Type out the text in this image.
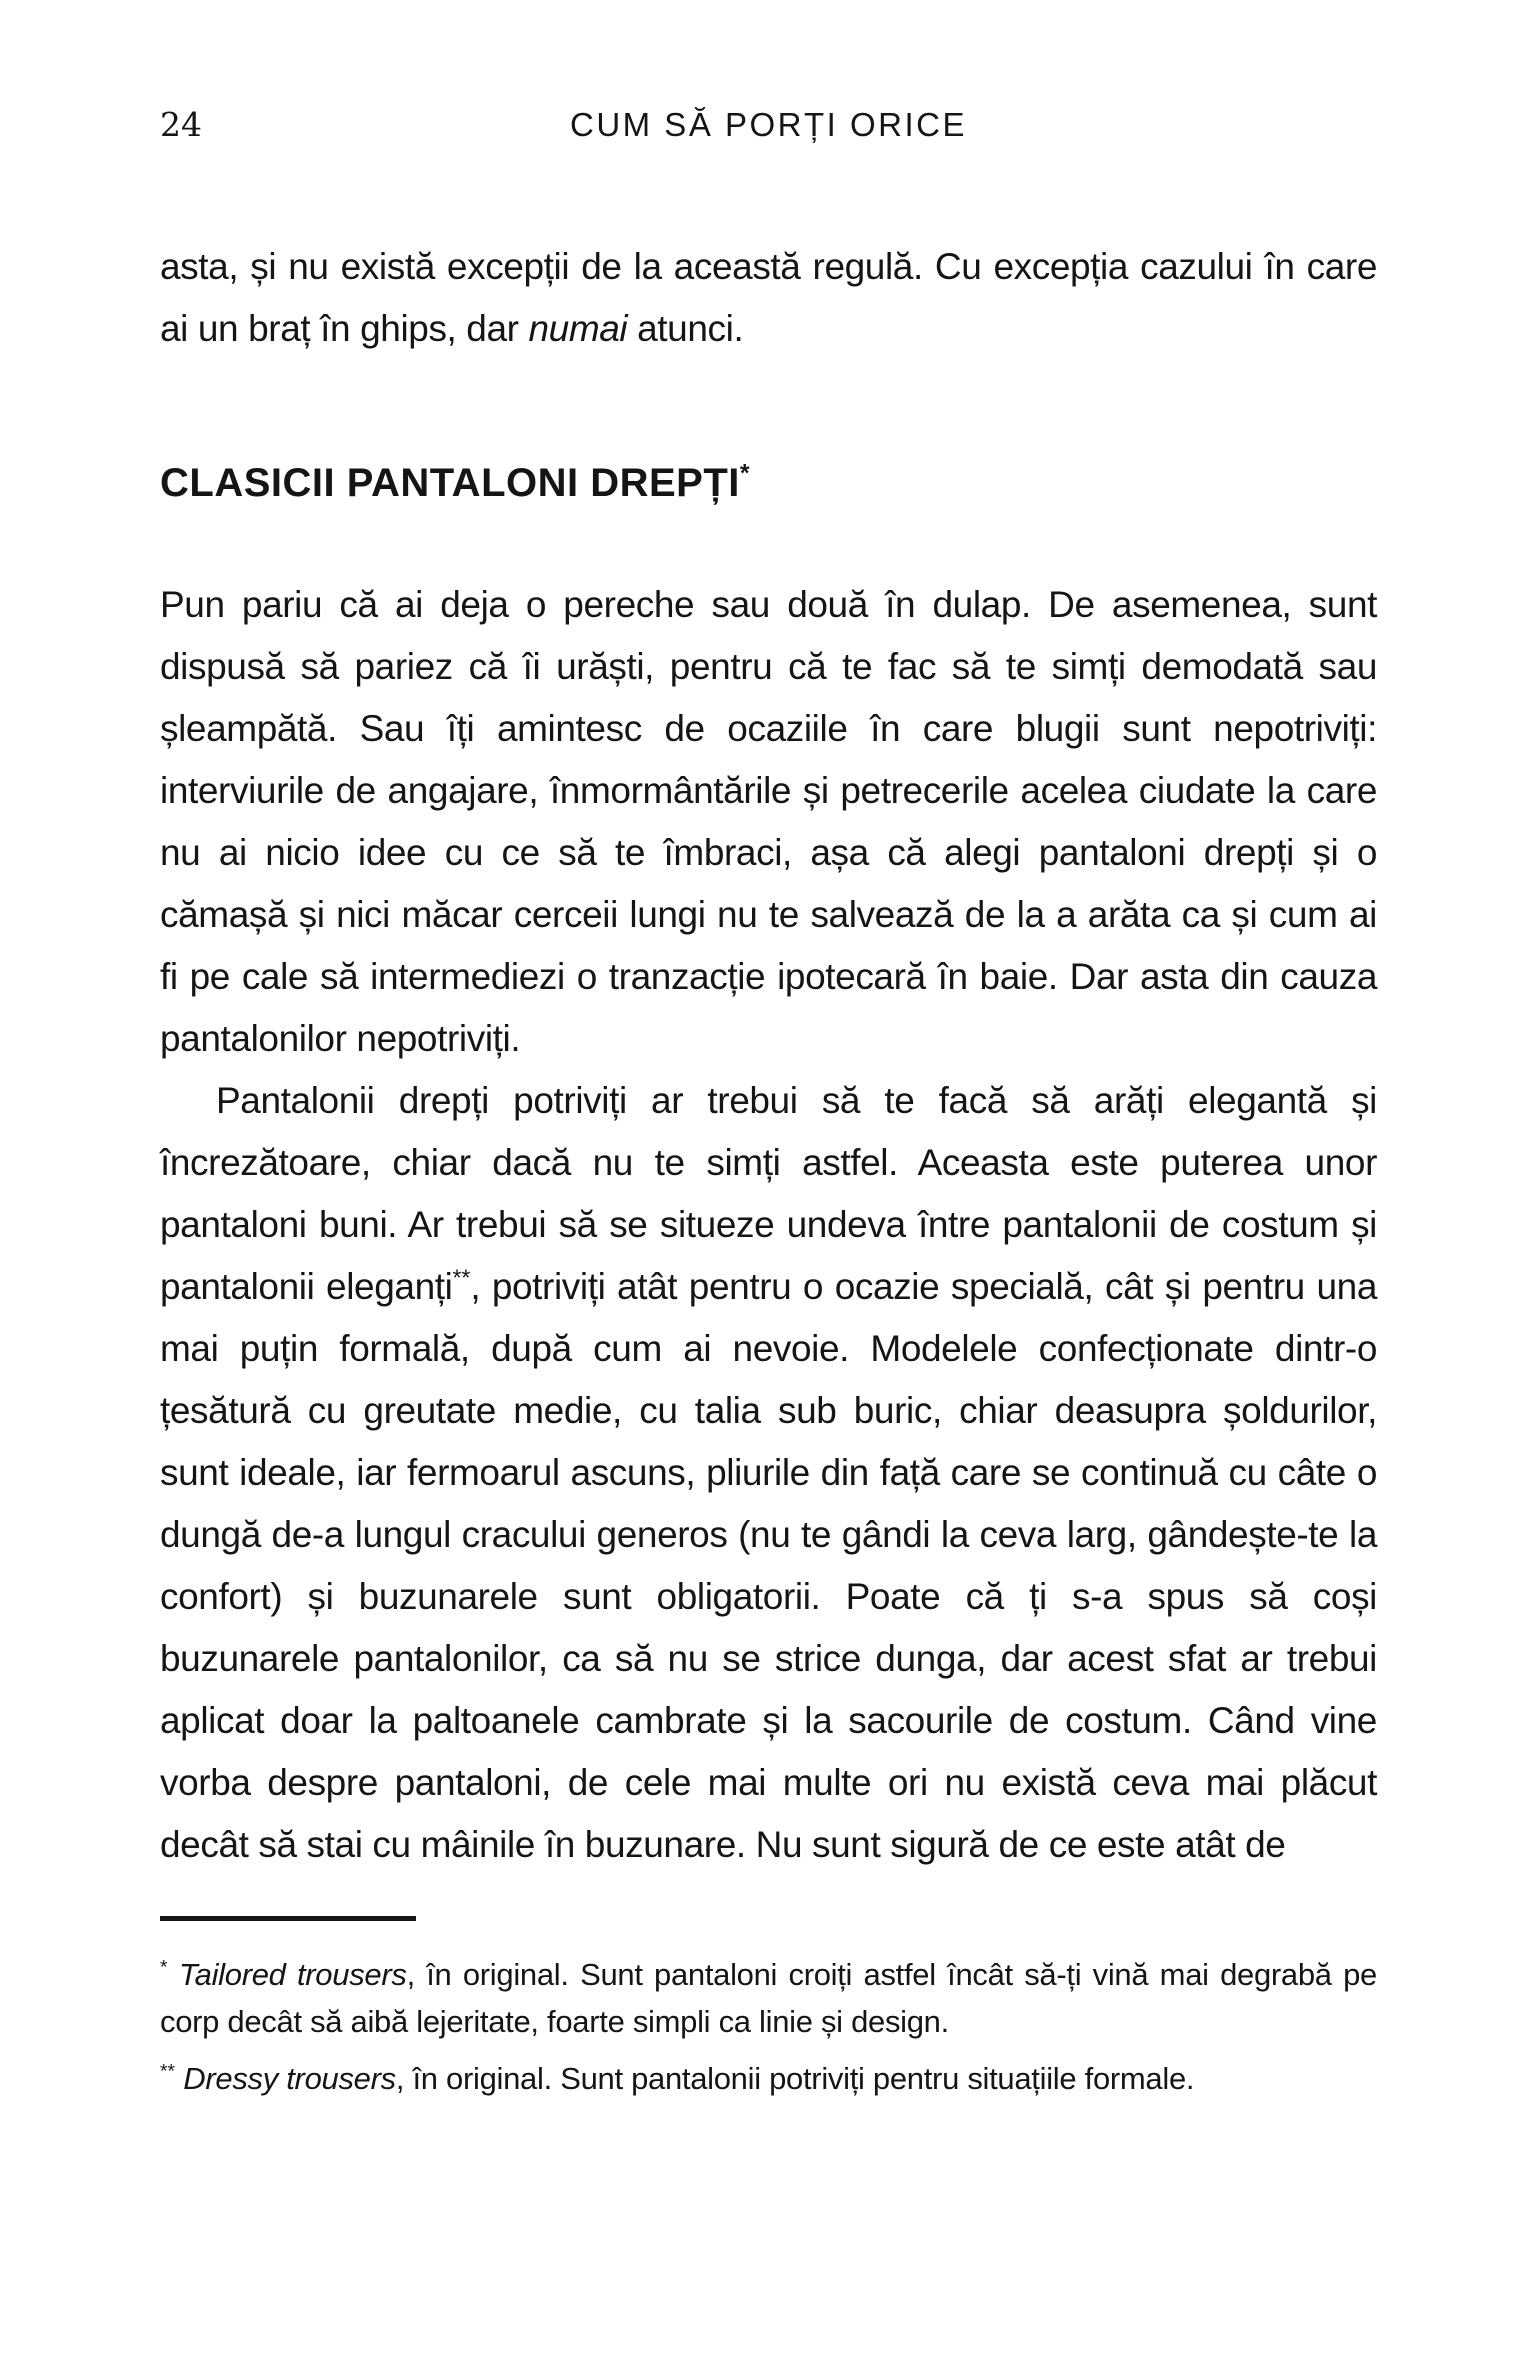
24	CUM SĂ PORȚI ORICE

asta, și nu există excepții de la această regulă. Cu excepția cazului în care ai un braț în ghips, dar numai atunci.

CLASICII PANTALONI DREPȚI*

Pun pariu că ai deja o pereche sau două în dulap. De asemenea, sunt dispusă să pariez că îi urăști, pentru că te fac să te simți demodată sau șleampătă. Sau îți amintesc de ocaziile în care blugii sunt nepotriviți: interviurile de angajare, înmormântările și petrecerile acelea ciudate la care nu ai nicio idee cu ce să te îmbraci, așa că alegi pantaloni drepți și o cămașă și nici măcar cerceii lungi nu te salvează de la a arăta ca și cum ai fi pe cale să intermediezi o tranzacție ipotecară în baie. Dar asta din cauza pantalonilor nepotriviți.

Pantalonii drepți potriviți ar trebui să te facă să arăți elegantă și încrezătoare, chiar dacă nu te simți astfel. Aceasta este puterea unor pantaloni buni. Ar trebui să se situeze undeva între pantalonii de costum și pantalonii eleganți**, potriviți atât pentru o ocazie specială, cât și pentru una mai puțin formală, după cum ai nevoie. Modelele confecționate dintr-o țesătură cu greutate medie, cu talia sub buric, chiar deasupra șoldurilor, sunt ideale, iar fermoarul ascuns, pliurile din față care se continuă cu câte o dungă de-a lungul cracului generos (nu te gândi la ceva larg, gândește-te la confort) și buzunarele sunt obligatorii. Poate că ți s-a spus să coși buzunarele pantalonilor, ca să nu se strice dunga, dar acest sfat ar trebui aplicat doar la paltoanele cambrate și la sacourile de costum. Când vine vorba despre pantaloni, de cele mai multe ori nu există ceva mai plăcut decât să stai cu mâinile în buzunare. Nu sunt sigură de ce este atât de

* Tailored trousers, în original. Sunt pantaloni croiți astfel încât să-ți vină mai degrabă pe corp decât să aibă lejeritate, foarte simpli ca linie și design.

** Dressy trousers, în original. Sunt pantalonii potriviți pentru situațiile formale.
